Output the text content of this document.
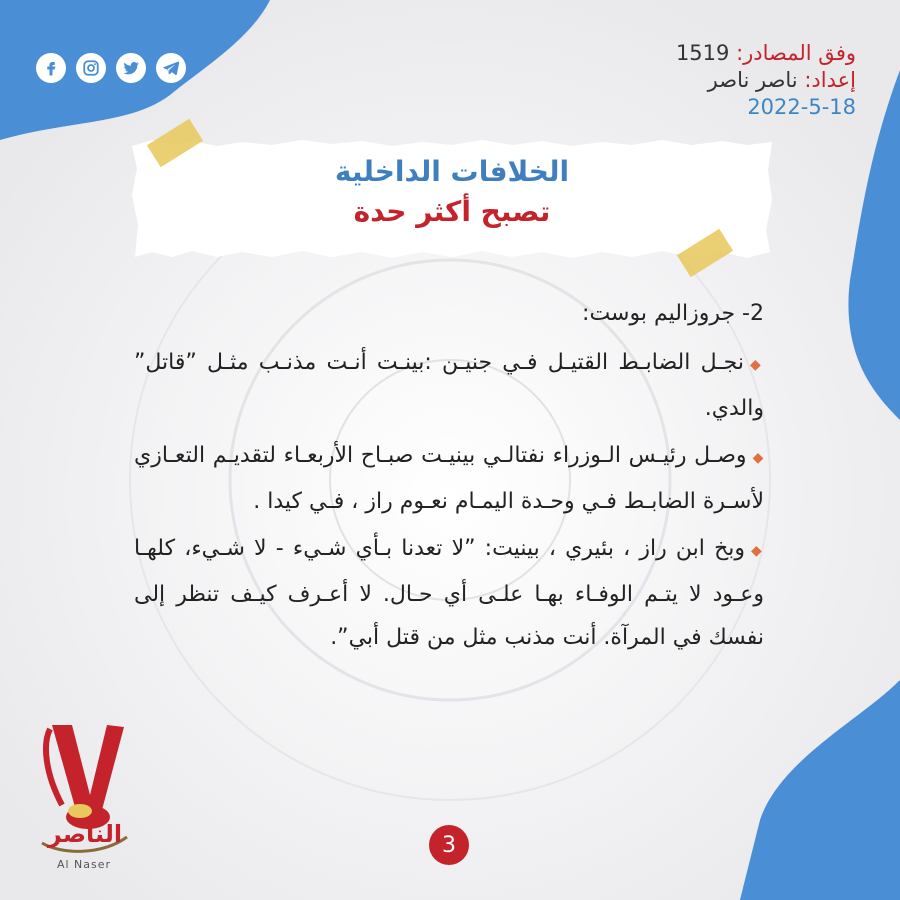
وفق المصادر: 1519
إعداد: ناصر ناصر
2022-5-18
الخلافات الداخلية
تصبح أكثر حدة
2- جروزاليم بوست:

◆نجـل الضابـط القتيـل فـي جنيـن :بينـت أنـت مذنـب مثـل ”قاتل” والدي.

◆وصـل رئيـس الـوزراء نفتالـي بينيـت صبـاح الأربعـاء لتقديـم التعـازي لأسـرة الضابـط فـي وحـدة اليمـام نعـوم راز ، فـي كيدا .

◆وبخ ابن راز ، بئيري ، بينيت: ”لا تعدنا بـأي شـيء - لا شـيء، كلهـا وعـود لا يتـم الوفـاء بهـا علـى أي حـال. لا أعـرف كيـف تنظر إلى نفسك في المرآة. أنت مذنب مثل من قتل أبي”.

الناصر
Al Naser
3
